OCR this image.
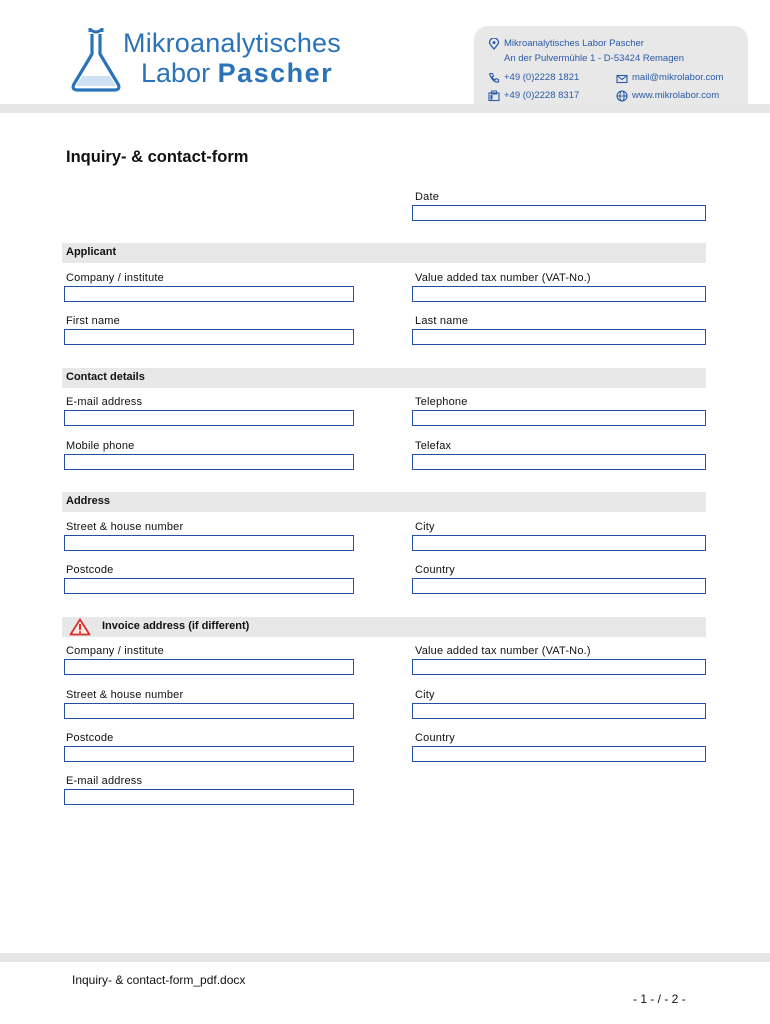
Mikroanalytisches
Labor Pascher
Mikroanalytisches Labor Pascher
An der Pulvermühle 1 - D-53424 Remagen
+49 (0)2228 1821	mail@mikrolabor.com
+49 (0)2228 8317	www.mikrolabor.com
Inquiry- & contact-form
Date
Applicant
Company / institute	Value added tax number (VAT-No.)
First name	Last name
Contact details
E-mail address	Telephone
Mobile phone	Telefax
Address
Street & house number	City
Postcode	Country
Invoice address (if different)
Company / institute	Value added tax number (VAT-No.)
Street & house number	City
Postcode	Country
E-mail address
Inquiry- & contact-form_pdf.docx
- 1 - / - 2 -
